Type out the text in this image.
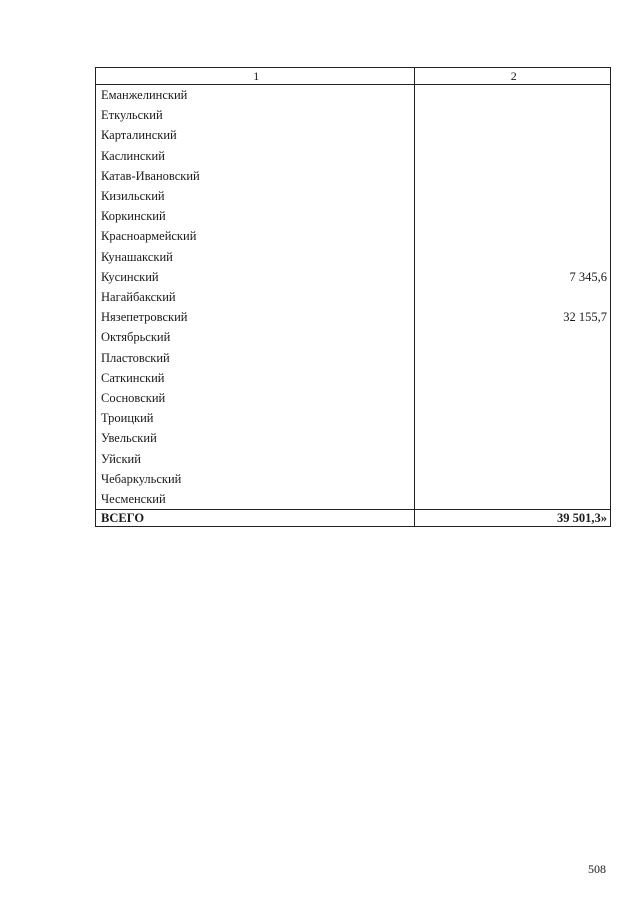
1	2
Еманжелинский	
Еткульский	
Карталинский	
Каслинский	
Катав-Ивановский	
Кизильский	
Коркинский	
Красноармейский	
Кунашакский	
Кусинский	7 345,6
Нагайбакский	
Нязепетровский	32 155,7
Октябрьский	
Пластовский	
Саткинский	
Сосновский	
Троицкий	
Увельский	
Уйский	
Чебаркульский	
Чесменский	
ВСЕГО	39 501,3»
508
